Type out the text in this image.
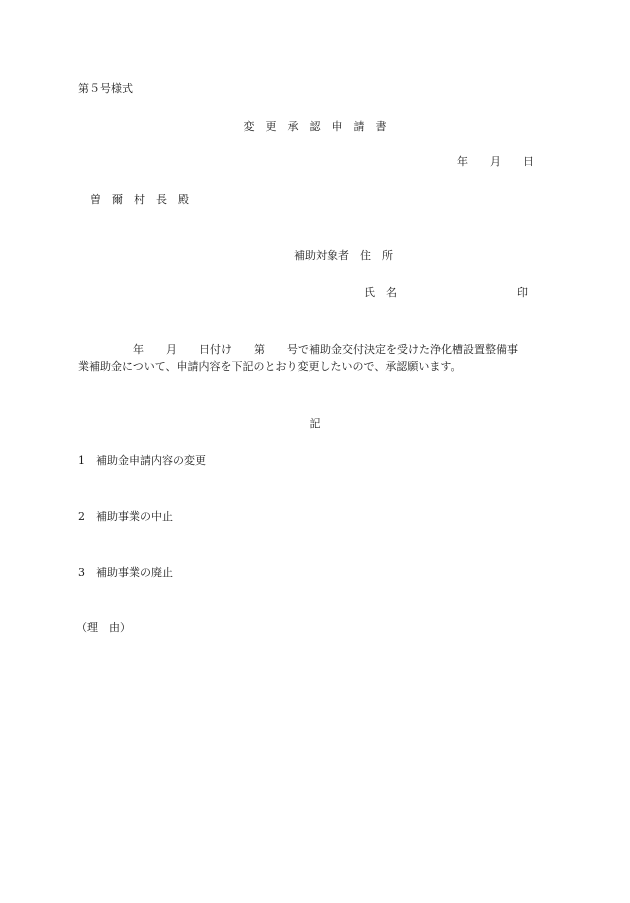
第５号様式
変　更　承　認　申　請　書
年　　月　　日
曽　爾　村　長　殿
補助対象者　住　所
氏　名	印
　　　　　年　　月　　日付け　　第　　号で補助金交付決定を受けた浄化槽設置整備事
業補助金について、申請内容を下記のとおり変更したいので、承認願います。
記
1　補助金申請内容の変更
2　補助事業の中止
3　補助事業の廃止
（理　由）
